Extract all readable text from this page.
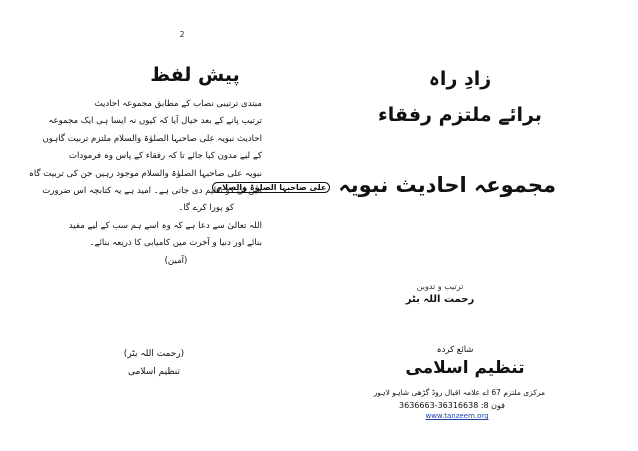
2
پیش لفظ
مبتدی ترتیبی نصاب کے مطابق مجموعہ احادیث
ترتیب پانے کے بعد خیال آیا کہ کیوں نہ ایسا ہی ایک مجموعہ
احادیث نبویہ علی صاحبہا الصلوٰۃ والسلام ملتزم تربیت گاہوں
کے لیے مدون کیا جائے تا کہ رفقاء کے پاس وہ فرمودات
نبویہ علی صاحبہا الصلوٰۃ والسلام موجود رہیں جن کی تربیت گاہ
میں ان کو تعلیم دی جاتی ہے۔ امید ہے یہ کتابچہ اس ضرورت
کو پورا کرے گا۔
اللہ تعالیٰ سے دعا ہے کہ وہ اسے ہم سب کے لیے مفید
بنائے اور دنیا و آخرت میں کامیابی کا ذریعہ بنائے۔
(آمین)
(رحمت اللہ بٹر)
تنظیم اسلامی
زادِ راہ
برائے ملتزم رفقاء
مجموعہ احادیث نبویہ علی صاحبہا الصلوٰۃ والسلام
ترتیب و تدوین
رحمت اللہ بٹر
شائع کردہ
تنظیم اسلامی
مرکزی ملتزم 67 اے علامہ اقبال روڈ گڑھی شاہو لاہور
فون 8: 36316638-3636663
www.tanzeem.org
